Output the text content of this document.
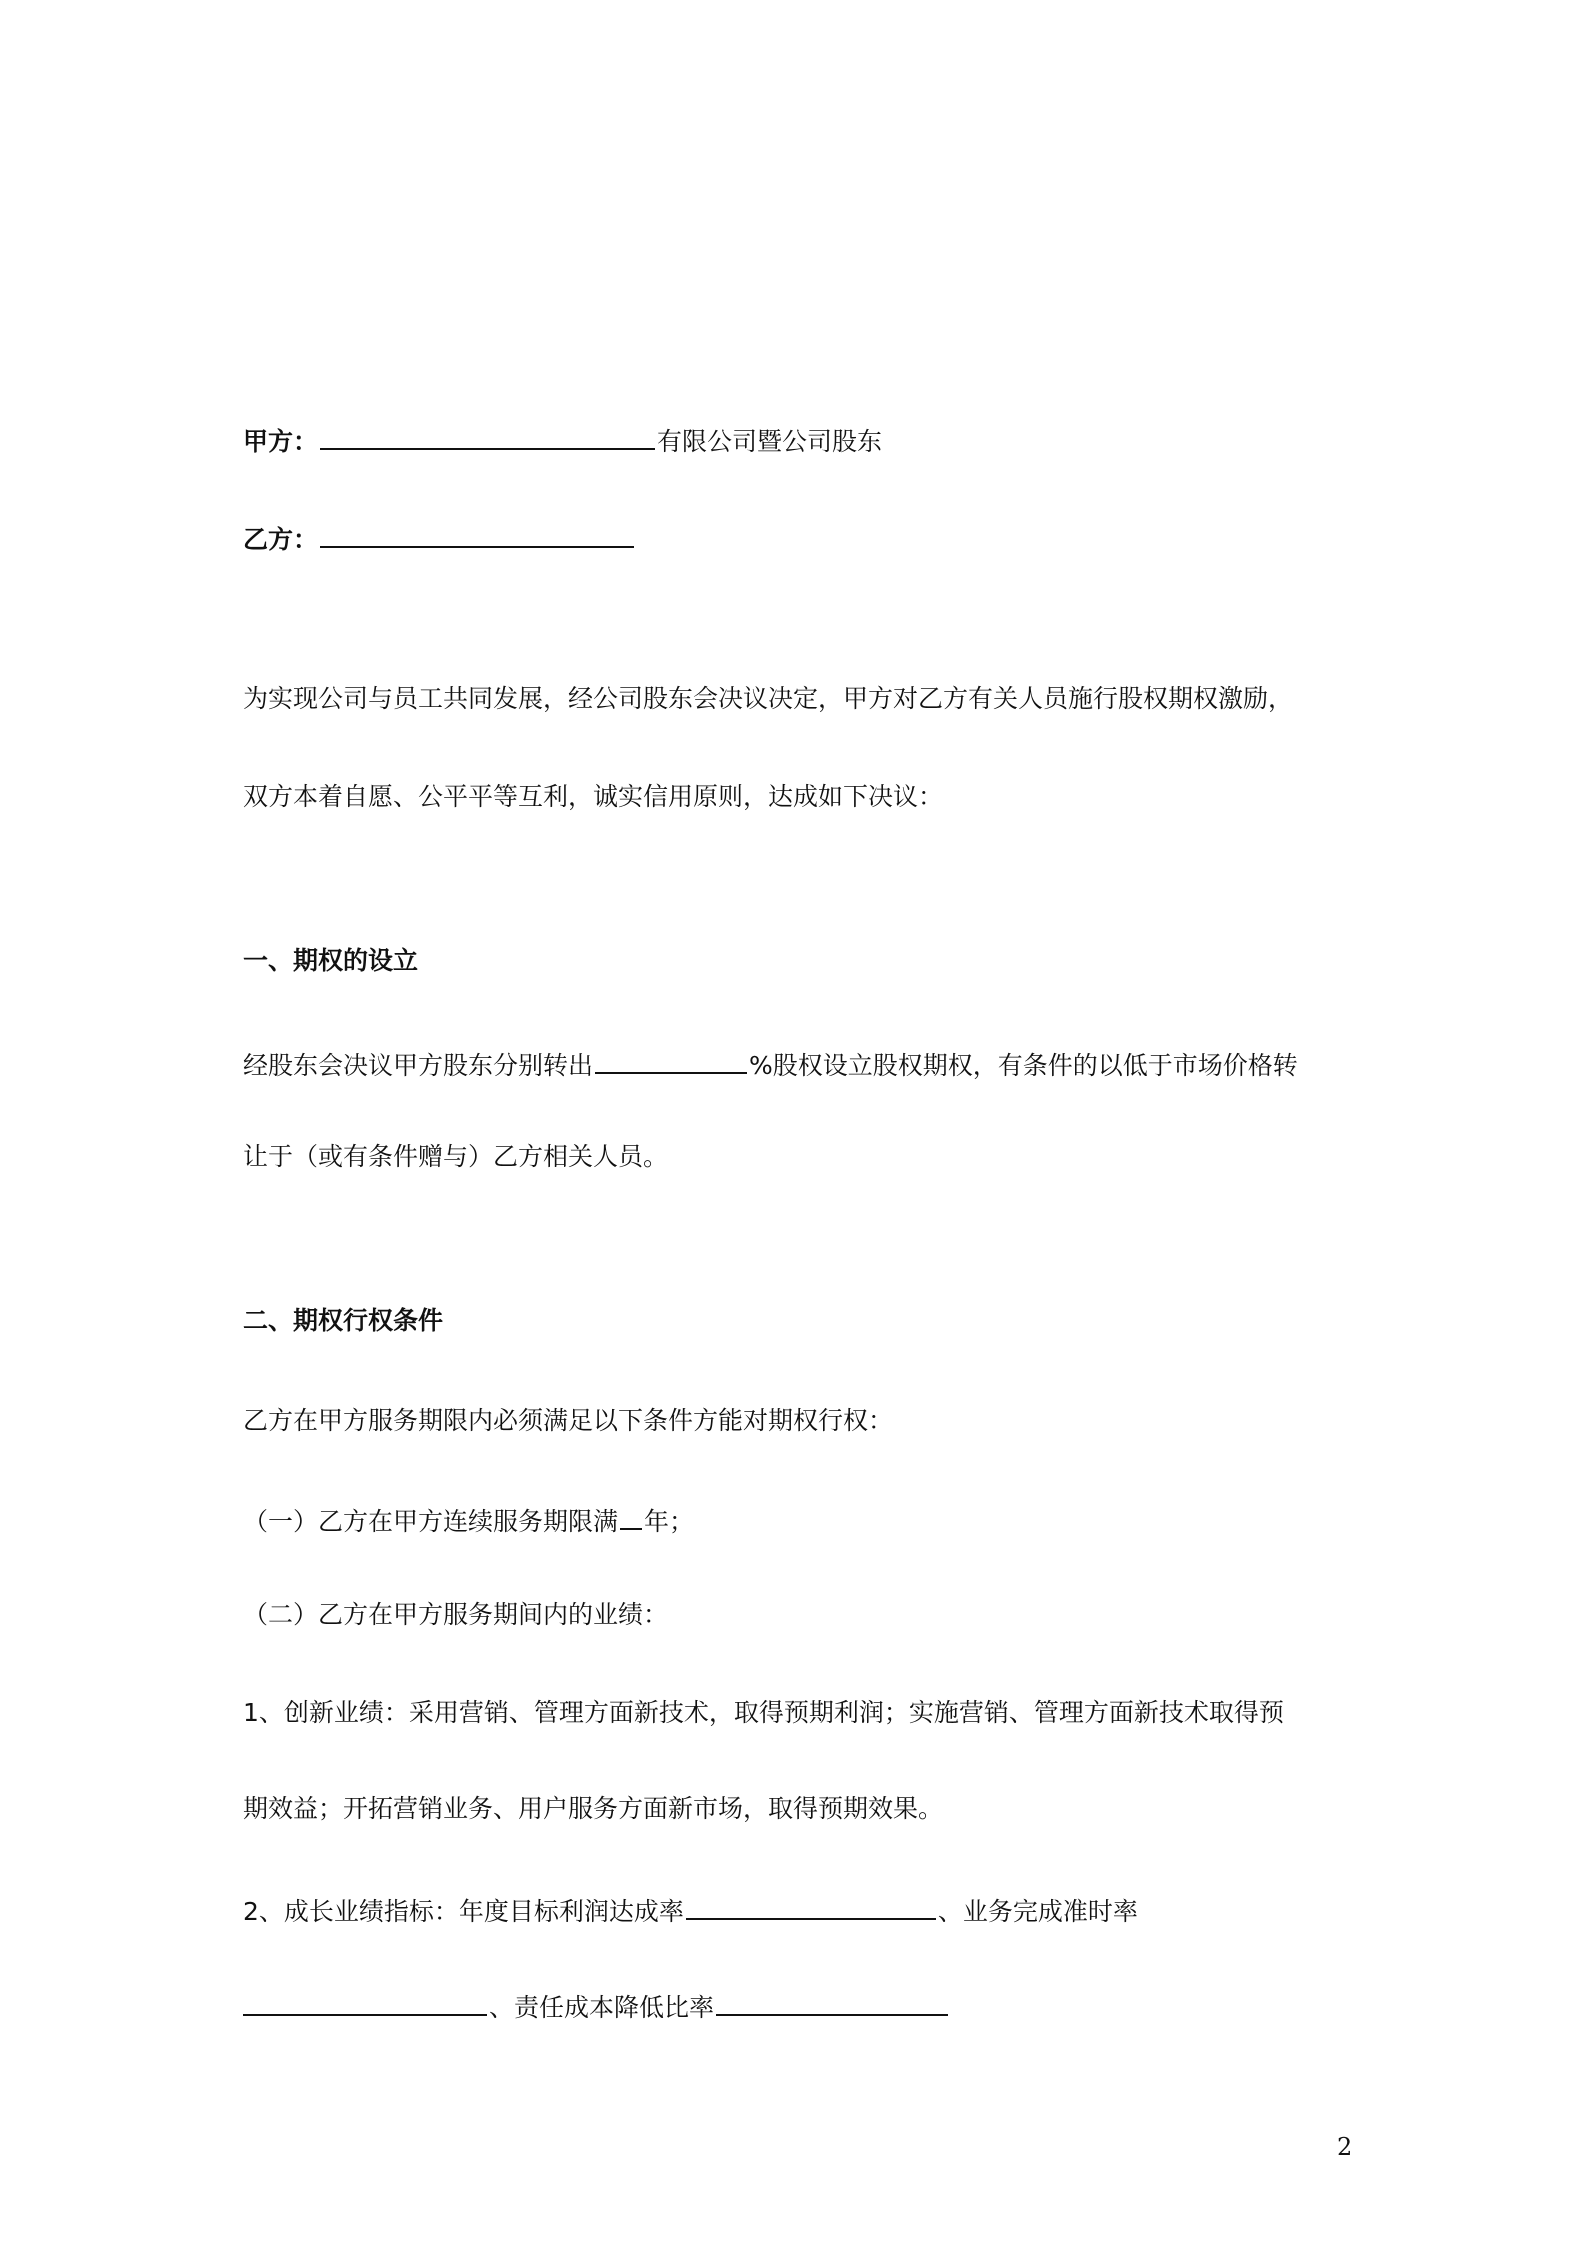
甲方：	有限公司暨公司股东
乙方：
为实现公司与员工共同发展，经公司股东会决议决定，甲方对乙方有关人员施行股权期权激励，
双方本着自愿、公平平等互利，诚实信用原则，达成如下决议：
一、期权的设立
经股东会决议甲方股东分别转出	%股权设立股权期权，有条件的以低于市场价格转
让于（或有条件赠与）乙方相关人员。
二、期权行权条件
乙方在甲方服务期限内必须满足以下条件方能对期权行权：
（一）乙方在甲方连续服务期限满 年；
（二）乙方在甲方服务期间内的业绩：
1、创新业绩：采用营销、管理方面新技术，取得预期利润；实施营销、管理方面新技术取得预
期效益；开拓营销业务、用户服务方面新市场，取得预期效果。
2、成长业绩指标：年度目标利润达成率	、业务完成准时率
、责任成本降低比率
2
